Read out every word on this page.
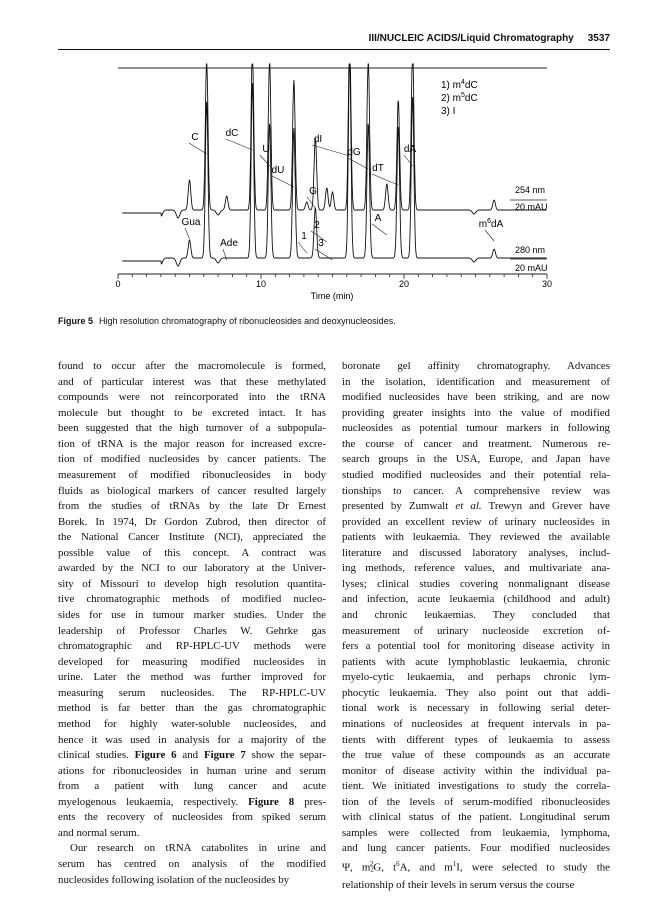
III/NUCLEIC ACIDS/Liquid Chromatography 3537
0	10	20	30
C	dC
U
dU
dI
G
dG
dT
dA
Gua
Ade
1
2
3
A
$m^6dA$
1) $m^4dC$
2) $m^5dC$
3) I
254 nm
20 mAU
280 nm
20 mAU
Time (min)
Figure 5 High resolution chromatography of ribonucleosides and deoxynucleosides.

found to occur after the macromolecule is formed,

and of particular interest was that these methylated

compounds were not reincorporated into the tRNA

molecule but thought to be excreted intact. It has

been suggested that the high turnover of a subpopula-

tion of tRNA is the major reason for increased excre-

tion of modified nucleosides by cancer patients. The

measurement of modified ribonucleosides in body

fluids as biological markers of cancer resulted largely

from the studies of tRNAs by the late Dr Ernest

Borek. In 1974, Dr Gordon Zubrod, then director of

the National Cancer Institute (NCI), appreciated the

possible value of this concept. A contract was

awarded by the NCI to our laboratory at the Univer-

sity of Missouri to develop high resolution quantita-

tive chromatographic methods of modified nucleo-

sides for use in tumour marker studies. Under the

leadership of Professor Charles W. Gehrke gas

chromatographic and RP-HPLC-UV methods were

developed for measuring modified nucleosides in

urine. Later the method was further improved for

measuring serum nucleosides. The RP-HPLC-UV

method is far better than the gas chromatographic

method for highly water-soluble nucleosides, and

hence it was used in analysis for a majority of the

clinical studies. Figure 6 and Figure 7 show the separ-

ations for ribonucleosides in human urine and serum

from a patient with lung cancer and acute

myelogenous leukaemia, respectively. Figure 8 pres-

ents the recovery of nucleosides from spiked serum

and normal serum.

Our research on tRNA catabolites in urine and

serum has centred on analysis of the modified

nucleosides following isolation of the nucleosides by

boronate gel affinity chromatography. Advances

in the isolation, identification and measurement of

modified nucleosides have been striking, and are now

providing greater insights into the value of modified

nucleosides as potential tumour markers in following

the course of cancer and treatment. Numerous re-

search groups in the USA, Europe, and Japan have

studied modified nucleosides and their potential rela-

tionships to cancer. A comprehensive review was

presented by Zumwalt et al. Trewyn and Grever have

provided an excellent review of urinary nucleosides in

patients with leukaemia. They reviewed the available

literature and discussed laboratory analyses, includ-

ing methods, reference values, and multivariate ana-

lyses; clinical studies covering nonmalignant disease

and infection, acute leukaemia (childhood and adult)

and chronic leukaemias. They concluded that

measurement of urinary nucleoside excretion of-

fers a potential tool for monitoring disease activity in

patients with acute lymphoblastic leukaemia, chronic

myelo-cytic leukaemia, and perhaps chronic lym-

phocytic leukaemia. They also point out that addi-

tional work is necessary in following serial deter-

minations of nucleosides at frequent intervals in pa-

tients with different types of leukaemia to assess

the true value of these compounds as an accurate

monitor of disease activity within the individual pa-

tient. We initiated investigations to study the correla-

tion of the levels of serum-modified ribonucleosides

with clinical status of the patient. Longitudinal serum

samples were collected from leukaemia, lymphoma,

and lung cancer patients. Four modified nucleosides

Ψ, $m_2^2G$, $t^6A$, and $m^1I$, were selected to study the

relationship of their levels in serum versus the course
